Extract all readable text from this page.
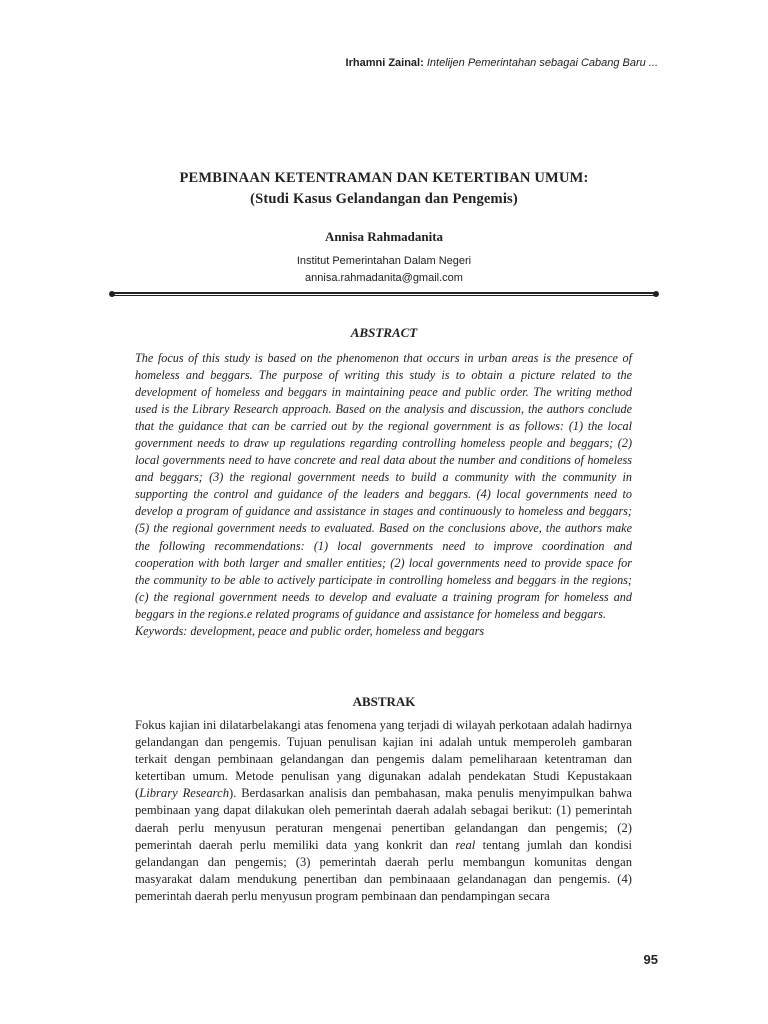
Irhamni Zainal: Intelijen Pemerintahan sebagai Cabang Baru ...

PEMBINAAN KETENTRAMAN DAN KETERTIBAN UMUM:

(Studi Kasus Gelandangan dan Pengemis)

Annisa Rahmadanita
Institut Pemerintahan Dalam Negeri
annisa.rahmadanita@gmail.com
ABSTRACT

The focus of this study is based on the phenomenon that occurs in urban areas is the presence of homeless and beggars. The purpose of writing this study is to obtain a picture related to the development of homeless and beggars in maintaining peace and public order. The writing method used is the Library Research approach. Based on the analysis and discussion, the authors conclude that the guidance that can be carried out by the regional government is as follows: (1) the local government needs to draw up regulations regarding controlling homeless people and beggars; (2) local governments need to have concrete and real data about the number and conditions of homeless and beggars; (3) the regional government needs to build a community with the community in supporting the control and guidance of the leaders and beggars. (4) local governments need to develop a program of guidance and assistance in stages and continuously to homeless and beggars; (5) the regional government needs to evaluated. Based on the conclusions above, the authors make the following recommendations: (1) local governments need to improve coordination and cooperation with both larger and smaller entities; (2) local governments need to provide space for the community to be able to actively participate in controlling homeless and beggars in the regions; (c) the regional government needs to develop and evaluate a training program for homeless and beggars in the regions.e related programs of guidance and assistance for homeless and beggars.
Keywords: development, peace and public order, homeless and beggars

ABSTRAK

Fokus kajian ini dilatarbelakangi atas fenomena yang terjadi di wilayah perkotaan adalah hadirnya gelandangan dan pengemis. Tujuan penulisan kajian ini adalah untuk memperoleh gambaran terkait dengan pembinaan gelandangan dan pengemis dalam pemeliharaan ketentraman dan ketertiban umum. Metode penulisan yang digunakan adalah pendekatan Studi Kepustakaan (Library Research). Berdasarkan analisis dan pembahasan, maka penulis menyimpulkan bahwa pembinaan yang dapat dilakukan oleh pemerintah daerah adalah sebagai berikut: (1) pemerintah daerah perlu menyusun peraturan mengenai penertiban gelandangan dan pengemis; (2) pemerintah daerah perlu memiliki data yang konkrit dan real tentang jumlah dan kondisi gelandangan dan pengemis; (3) pemerintah daerah perlu membangun komunitas dengan masyarakat dalam mendukung penertiban dan pembinaaan gelandanagan dan pengemis. (4) pemerintah daerah perlu menyusun program pembinaan dan pendampingan secara

95
